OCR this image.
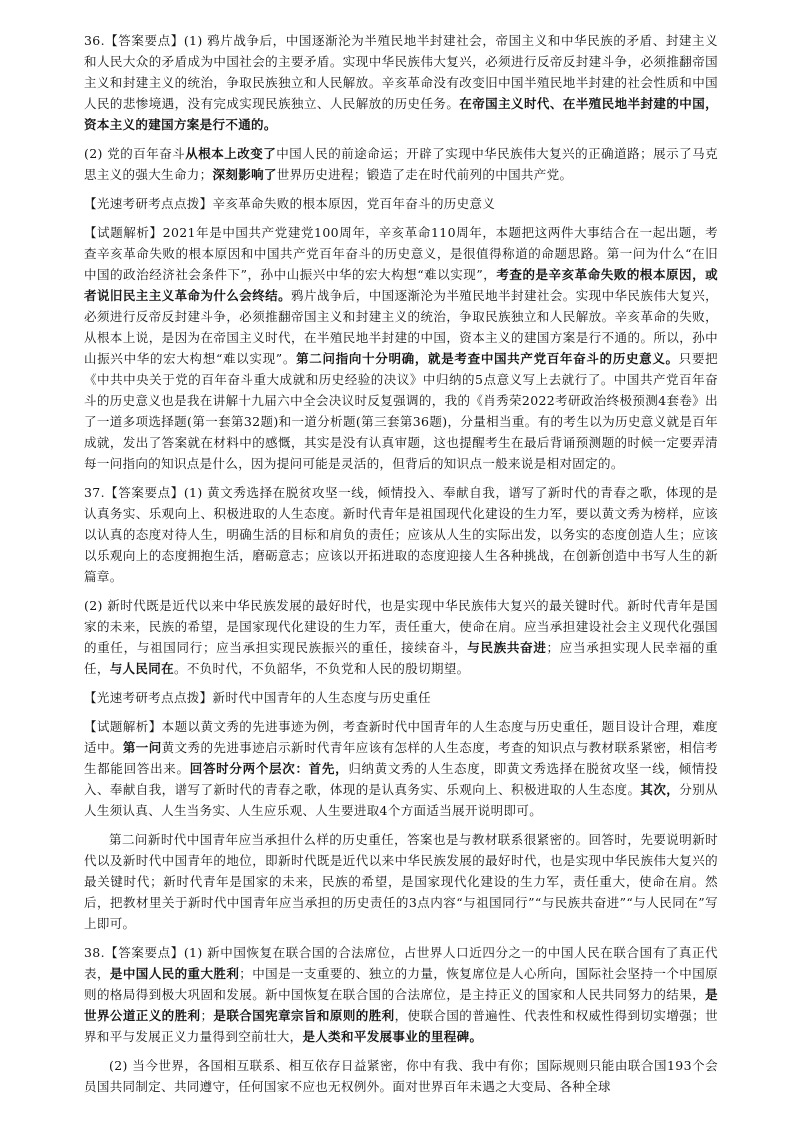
36.【答案要点】(1) 鸦片战争后，中国逐渐沦为半殖民地半封建社会，帝国主义和中华民族的矛盾、封建主义和人民大众的矛盾成为中国社会的主要矛盾。实现中华民族伟大复兴，必须进行反帝反封建斗争，必须推翻帝国主义和封建主义的统治，争取民族独立和人民解放。辛亥革命没有改变旧中国半殖民地半封建的社会性质和中国人民的悲惨境遇，没有完成实现民族独立、人民解放的历史任务。在帝国主义时代、在半殖民地半封建的中国，资本主义的建国方案是行不通的。

(2) 党的百年奋斗从根本上改变了中国人民的前途命运；开辟了实现中华民族伟大复兴的正确道路；展示了马克思主义的强大生命力；深刻影响了世界历史进程；锻造了走在时代前列的中国共产党。

【光速考研考点点拨】辛亥革命失败的根本原因，党百年奋斗的历史意义

【试题解析】2021年是中国共产党建党100周年，辛亥革命110周年，本题把这两件大事结合在一起出题，考查辛亥革命失败的根本原因和中国共产党百年奋斗的历史意义，是很值得称道的命题思路。第一问为什么“在旧中国的政治经济社会条件下”，孙中山振兴中华的宏大构想“难以实现”，考查的是辛亥革命失败的根本原因，或者说旧民主主义革命为什么会终结。鸦片战争后，中国逐渐沦为半殖民地半封建社会。实现中华民族伟大复兴，必须进行反帝反封建斗争，必须推翻帝国主义和封建主义的统治，争取民族独立和人民解放。辛亥革命的失败，从根本上说，是因为在帝国主义时代，在半殖民地半封建的中国，资本主义的建国方案是行不通的。所以，孙中山振兴中华的宏大构想“难以实现”。第二问指向十分明确，就是考查中国共产党百年奋斗的历史意义。只要把《中共中央关于党的百年奋斗重大成就和历史经验的决议》中归纳的5点意义写上去就行了。中国共产党百年奋斗的历史意义也是我在讲解十九届六中全会决议时反复强调的，我的《肖秀荣2022考研政治终极预测4套卷》出了一道多项选择题(第一套第32题)和一道分析题(第三套第36题)，分量相当重。有的考生以为历史意义就是百年成就，发出了答案就在材料中的感慨，其实是没有认真审题，这也提醒考生在最后背诵预测题的时候一定要弄清每一问指向的知识点是什么，因为提问可能是灵活的，但背后的知识点一般来说是相对固定的。

37.【答案要点】(1) 黄文秀选择在脱贫攻坚一线，倾情投入、奉献自我，谱写了新时代的青春之歌，体现的是认真务实、乐观向上、积极进取的人生态度。新时代青年是祖国现代化建设的生力军，要以黄文秀为榜样，应该以认真的态度对待人生，明确生活的目标和肩负的责任；应该从人生的实际出发，以务实的态度创造人生；应该以乐观向上的态度拥抱生活，磨砺意志；应该以开拓进取的态度迎接人生各种挑战，在创新创造中书写人生的新篇章。

(2) 新时代既是近代以来中华民族发展的最好时代，也是实现中华民族伟大复兴的最关键时代。新时代青年是国家的未来，民族的希望，是国家现代化建设的生力军，责任重大，使命在肩。应当承担建设社会主义现代化强国的重任，与祖国同行；应当承担实现民族振兴的重任，接续奋斗，与民族共奋进；应当承担实现人民幸福的重任，与人民同在。不负时代，不负韶华，不负党和人民的殷切期望。

【光速考研考点点拨】新时代中国青年的人生态度与历史重任

【试题解析】本题以黄文秀的先进事迹为例，考查新时代中国青年的人生态度与历史重任，题目设计合理，难度适中。第一问黄文秀的先进事迹启示新时代青年应该有怎样的人生态度，考查的知识点与教材联系紧密，相信考生都能回答出来。回答时分两个层次：首先，归纳黄文秀的人生态度，即黄文秀选择在脱贫攻坚一线，倾情投入、奉献自我，谱写了新时代的青春之歌，体现的是认真务实、乐观向上、积极进取的人生态度。其次，分别从人生须认真、人生当务实、人生应乐观、人生要进取4个方面适当展开说明即可。

第二问新时代中国青年应当承担什么样的历史重任，答案也是与教材联系很紧密的。回答时，先要说明新时代以及新时代中国青年的地位，即新时代既是近代以来中华民族发展的最好时代，也是实现中华民族伟大复兴的最关键时代；新时代青年是国家的未来，民族的希望，是国家现代化建设的生力军，责任重大，使命在肩。然后，把教材里关于新时代中国青年应当承担的历史责任的3点内容“与祖国同行”“与民族共奋进”“与人民同在”写上即可。

38.【答案要点】(1) 新中国恢复在联合国的合法席位，占世界人口近四分之一的中国人民在联合国有了真正代表，是中国人民的重大胜利；中国是一支重要的、独立的力量，恢复席位是人心所向，国际社会坚持一个中国原则的格局得到极大巩固和发展。新中国恢复在联合国的合法席位，是主持正义的国家和人民共同努力的结果，是世界公道正义的胜利；是联合国宪章宗旨和原则的胜利，使联合国的普遍性、代表性和权威性得到切实增强；世界和平与发展正义力量得到空前壮大，是人类和平发展事业的里程碑。

(2) 当今世界，各国相互联系、相互依存日益紧密，你中有我、我中有你；国际规则只能由联合国193个会员国共同制定、共同遵守，任何国家不应也无权例外。面对世界百年未遇之大变局、各种全球
